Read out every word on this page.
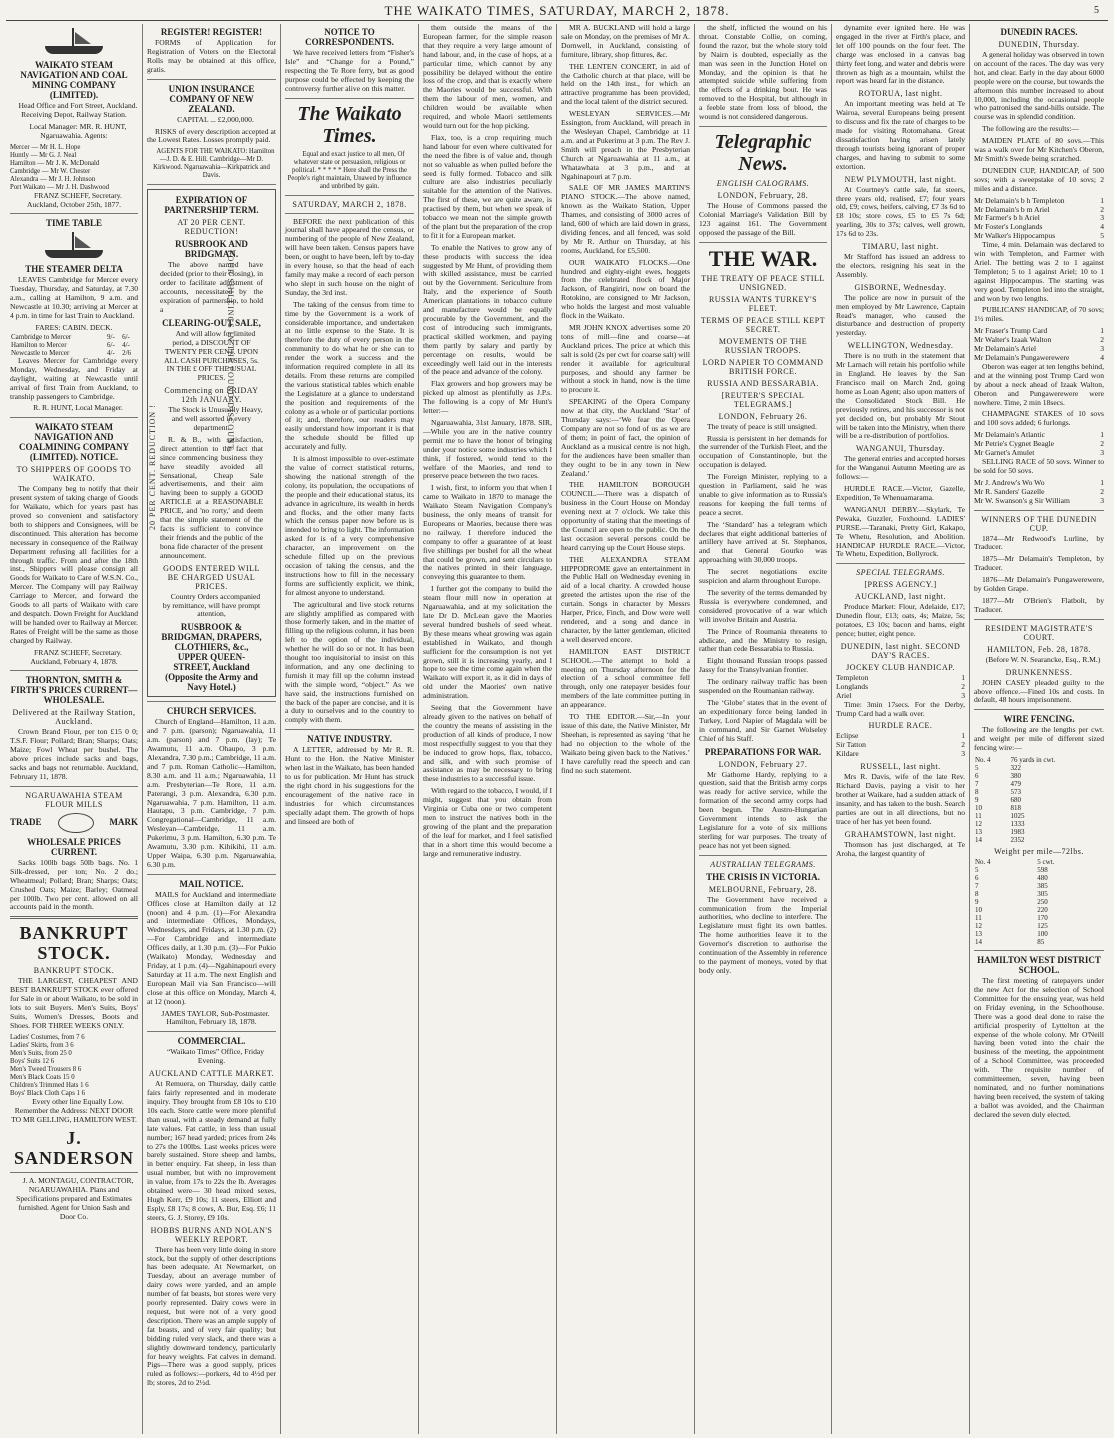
THE WAIKATO TIMES, SATURDAY, MARCH 2, 1878.	5
WAIKATO STEAM NAVIGATION AND COAL MINING COMPANY (LIMITED).

Head Office and Fort Street, Auckland. Receiving Depot, Railway Station.

Local Manager: MR. R. HUNT, Ngaruawahia. Agents:

Mercer — Mr H. L. Hope
Huntly — Mr G. J. Neal
Hamilton — Mr J. K. McDonald
Cambridge — Mr W. Chester
Alexandra — Mr J. H. Johnson
Port Waikato — Mr J. H. Dashwood

FRANZ SCHEFF, Secretary. Auckland, October 25th, 1877.

TIME TABLE
THE STEAMER DELTA

LEAVES Cambridge for Mercer every Tuesday, Thursday, and Saturday, at 7.30 a.m., calling at Hamilton, 9 a.m. and Newcastle at 10.30; arriving at Mercer at 4 p.m. in time for last Train to Auckland.

FARES: CABIN. DECK.
Cambridge to Mercer	9/-	6/-
Hamilton to Mercer	6/-	4/-
Newcastle to Mercer	4/-	2/6

Leaves Mercer for Cambridge every Monday, Wednesday, and Friday at daylight, waiting at Newcastle until arrival of first Train from Auckland, to tranship passengers to Cambridge.

R. R. HUNT, Local Manager.

WAIKATO STEAM NAVIGATION AND COALMINING COMPANY (LIMITED). NOTICE.
TO SHIPPERS OF GOODS TO WAIKATO.

The Company beg to notify that their present system of taking charge of Goods for Waikato, which for years past has proved so convenient and satisfactory both to shippers and Consignees, will be discontinued. This alteration has become necessary in consequence of the Railway Department refusing all facilities for a through traffic. From and after the 18th inst., Shippers will please consign all Goods for Waikato to Care of W.S.N. Co., Mercer. The Company will pay Railway Carriage to Mercer, and forward the Goods to all parts of Waikato with care and despatch. Down Freight for Auckland will be handed over to Railway at Mercer. Rates of Freight will be the same as those charged by Railway.

FRANZ SCHEFF, Secretary. Auckland, February 4, 1878.

THORNTON, SMITH & FIRTH'S PRICES CURRENT—WHOLESALE.
Delivered at the Railway Station, Auckland.

Crown Brand Flour, per ton £15 0 0; T.S.F. Flour; Pollard; Bran; Sharps; Oats; Maize; Fowl Wheat per bushel. The above prices include sacks and bags, sacks and bags not returnable. Auckland, February 11, 1878.

NGARUAWAHIA STEAM FLOUR MILLS
TRADE	MARK
WHOLESALE PRICES CURRENT.

Sacks 100lb bags 50lb bags. No. 1 Silk-dressed, per ton; No. 2 do.; Wheatmeal; Pollard; Bran; Sharps; Oats; Crushed Oats; Maize; Barley; Oatmeal per 100lb. Two per cent. allowed on all accounts paid in the month.

BANKRUPT STOCK.
BANKRUPT STOCK.

THE LARGEST, CHEAPEST AND BEST BANKRUPT STOCK ever offered for Sale in or about Waikato, to be sold in lots to suit Buyers. Men's Suits, Boys' Suits, Women's Dresses, Boots and Shoes. FOR THREE WEEKS ONLY.

Ladies' Costumes, from 7 6
Ladies' Skirts, from 3 6
Men's Suits, from 25 0
Boys' Suits 12 6
Men's Tweed Trousers 8 6
Men's Black Coats 15 0
Children's Trimmed Hats 1 6
Boys' Black Cloth Caps 1 6

Every other line Equally Low. Remember the Address: NEXT DOOR TO MR GELLING, HAMILTON WEST.

J. SANDERSON

J. A. MONTAGU, CONTRACTOR, NGARUAWAHIA. Plans and Specifications prepared and Estimates furnished. Agent for Union Sash and Door Co.

REGISTER! REGISTER!

FORMS of Application for Registration of Voters on the Electoral Rolls may be obtained at this office, gratis.

UNION INSURANCE COMPANY OF NEW ZEALAND.

CAPITAL ... £2,000,000.

RISKS of every description accepted at the Lowest Rates. Losses promptly paid.

AGENTS FOR THE WAIKATO: Hamilton—J. D. & E. Hill. Cambridge—Mr D. Kirkwood. Ngaruawahia—Kirkpatrick and Davis.

EXPIRATION OF PARTNERSHIP TERM.
AT 20 PER CENT. REDUCTION!
RUSBROOK AND BRIDGMAN.

The above named have decided (prior to their closing), in order to facilitate adjustment of accounts, necessitated by the expiration of partnership, to hold a

CLEARING-OUT SALE,

And will allow for limited period, a DISCOUNT OF TWENTY PER CENT. UPON ALL CASH PURCHASES, 5s. IN THE £ OFF THE USUAL PRICES.

Commencing on FRIDAY 12th JANUARY.

The Stock is Unusually Heavy, and well assorted in every department.

R. & B., with satisfaction, direct attention to the fact that since commencing business they have steadily avoided all Sensational, Cheap Sale advertisements, and their aim having been to supply a GOOD ARTICLE at a REASONABLE PRICE, and 'no rorty,' and deem that the simple statement of the facts is sufficient to convince their friends and the public of the bona fide character of the present announcement.

GOODS ENTERED WILL BE CHARGED USUAL PRICES.

Country Orders accompanied by remittance, will have prompt attention,

RUSBROOK & BRIDGMAN, DRAPERS, CLOTHIERS, &c., UPPER QUEEN-STREET, Auckland (Opposite the Army and Navy Hotel.)
20 PER CENT. REDUCTION !
FOUR SHILLINGS IN THE POUND DISCOUNT.
CHURCH SERVICES.

Church of England—Hamilton, 11 a.m. and 7 p.m. (parson); Ngaruawahia, 11 a.m. (parson) and 7 p.m. (lay); Te Awamutu, 11 a.m. Ohaupo, 3 p.m. Alexandra, 7.30 p.m.; Cambridge, 11 a.m. and 7 p.m. Roman Catholic—Hamilton, 8.30 a.m. and 11 a.m.; Ngaruawahia, 11 a.m. Presbyterian—Te Rore, 11 a.m. Paterangi, 3 p.m. Alexandra, 6.30 p.m. Ngaruawahia, 7 p.m. Hamilton, 11 a.m. Hautapu, 3 p.m. Cambridge, 7 p.m. Congregational—Cambridge, 11 a.m. Wesleyan—Cambridge, 11 a.m. Pukerimu, 3 p.m. Hamilton, 6.30 p.m. Te Awamutu, 3.30 p.m. Kihikihi, 11 a.m. Upper Waipa, 6.30 p.m. Ngaruawahia, 6.30 p.m.

MAIL NOTICE.

MAILS for Auckland and intermediate Offices close at Hamilton daily at 12 (noon) and 4 p.m. (1)—For Alexandra and intermediate Offices, Mondays, Wednesdays, and Fridays, at 1.30 p.m. (2)—For Cambridge and intermediate Offices daily, at 1.30 p.m. (3)—For Pukio (Waikato) Monday, Wednesday and Friday, at 1 p.m. (4)—Ngahinapouri every Saturday at 11 a.m. The next English and European Mail via San Francisco—will close at this office on Monday, March 4, at 12 (noon).

JAMES TAYLOR, Sub-Postmaster. Hamilton, February 18, 1878.

COMMERCIAL.

“Waikato Times” Office, Friday Evening.

AUCKLAND CATTLE MARKET.

At Remuera, on Thursday, daily cattle fairs fairly represented and in moderate inquiry. They brought from £8 10s to £10 10s each. Store cattle were more plentiful than usual, with a steady demand at fully late values. Fat cattle, in less than usual number; 167 head yarded; prices from 24s to 27s the 100lbs. Last weeks prices were barely sustained. Store sheep and lambs, in better enquiry. Fat sheep, in less than usual number, but with no improvement in value, from 17s to 22s the lb. Averages obtained were— 30 head mixed sexes, Hugh Kerr, £9 10s; 11 steers, Elliott and Esply, £8 17s; 8 cows, A. Bur, Esq. £6; 11 steers, G. J. Storey, £9 10s.

HOBBS BURNS AND NOLAN'S WEEKLY REPORT.

There has been very little doing in store stock, but the supply of other descriptions has been adequate. At Newmarket, on Tuesday, about an average number of dairy cows were yarded, and an ample number of fat beasts, but stores were very poorly represented. Dairy cows were in request, but were not of a very good description. There was an ample supply of fat beasts, and of very fair quality; but bidding ruled very slack, and there was a slightly downward tendency, particularly for heavy weights. Fat calves in demand. Pigs—There was a good supply, prices ruled as follows:—porkers, 4d to 4½d per lb; stores, 2d to 2½d.

NOTICE TO CORRESPONDENTS.

We have received letters from “Fisher's Isle” and “Change for a Pound,” respecting the Te Rore ferry, but as good purpose could be effected by keeping the controversy further alive on this matter.

The Waikato Times.

Equal and exact justice to all men, Of whatever state or persuasion, religious or political. * * * * * Here shall the Press the People's right maintain, Unawed by influence and unbribed by gain.

SATURDAY, MARCH 2, 1878.

BEFORE the next publication of this journal shall have appeared the census, or numbering of the people of New Zealand, will have been taken. Census papers have been, or ought to have been, left by to-day in every house, so that the head of each family may make a record of each person who slept in such house on the night of Sunday, the 3rd inst.

The taking of the census from time to time by the Government is a work of considerable importance, and undertaken at no little expense to the State. It is therefore the duty of every person in the community to do what he or she can to render the work a success and the information required complete in all its details. From these returns are compiled the various statistical tables which enable the Legislature at a glance to understand the position and requirements of the colony as a whole or of particular portions of it; and, therefore, our readers may easily understand how important it is that the schedule should be filled up accurately and fully.

It is almost impossible to over-estimate the value of correct statistical returns, showing the national strength of the colony, its population, the occupations of the people and their educational status, its advance in agriculture, its wealth in herds and flocks, and the other many facts which the census paper now before us is intended to bring to light. The information asked for is of a very comprehensive character, an improvement on the schedule filled up on the previous occasion of taking the census, and the instructions how to fill in the necessary forms are sufficiently explicit, we think, for almost anyone to understand.

The agricultural and live stock returns are slightly amplified as compared with those formerly taken, and in the matter of filling up the religious column, it has been left to the option of the individual, whether he will do so or not. It has been thought too inquisitorial to insist on this information, and any one declining to furnish it may fill up the column instead with the simple word, “object.” As we have said, the instructions furnished on the back of the paper are concise, and it is a duty to ourselves and to the country to comply with them.

NATIVE INDUSTRY.

A LETTER, addressed by Mr R. R. Hunt to the Hon. the Native Minister when last in the Waikato, has been handed to us for publication. Mr Hunt has struck the right chord in his suggestions for the encouragement of the native race in industries for which circumstances specially adapt them. The growth of hops and linseed are both of

them outside the means of the European farmer, for the simple reason that they require a very large amount of hand labour, and, in the case of hops, at a particular time, which cannot by any possibility be delayed without the entire loss of the crop, and that is exactly where the Maories would be successful. With them the labour of men, women, and children would be available when required, and whole Maori settlements would turn out for the hop picking.

Flax, too, is a crop requiring much hand labour for even where cultivated for the need the fibre is of value and, though not so valuable as when pulled before the seed is fully formed. Tobacco and silk culture are also industries peculiarly suitable for the attention of the Natives. The first of these, we are quite aware, is practised by them, but when we speak of tobacco we mean not the simple growth of the plant but the preparation of the crop to fit it for a European market.

To enable the Natives to grow any of these products with success the idea suggested by Mr Hunt, of providing them with skilled assistance, must be carried out by the Government. Sericulture from Italy, and the experience of South American plantations in tobacco culture and manufacture would be equally procurable by the Government, and the cost of introducing such immigrants, practical skilled workmen, and paying them partly by salary and partly by percentage on results, would be exceedingly well laid out in the interests of the peace and advance of the colony.

Flax growers and hop growers may be picked up almost as plentifully as J.P.s. The following is a copy of Mr Hunt's letter:—

Ngaruawahia, 31st January, 1878. SIR,—While you are in the native country permit me to have the honor of bringing under your notice some industries which I think, if fostered, would tend to the welfare of the Maories, and tend to preserve peace between the two races.

I wish, first, to inform you that when I came to Waikato in 1870 to manage the Waikato Steam Navigation Company's business, the only means of transit for Europeans or Maories, because there was no railway. I therefore induced the company to offer a guarantee of at least five shillings per bushel for all the wheat that could be grown, and sent circulars to the natives printed in their language, conveying this guarantee to them.

I further got the company to build the steam flour mill now in operation at Ngaruawahia, and at my solicitation the late Dr D. McLean gave the Maories several hundred bushels of seed wheat. By these means wheat growing was again established in Waikato, and though sufficient for the consumption is not yet grown, still it is increasing yearly, and I hope to see the time come again when the Waikato will export it, as it did in days of old under the Maories' own native administration.

Seeing that the Government have already given to the natives on behalf of the country the means of assisting in the production of all kinds of produce, I now most respectfully suggest to you that they be induced to grow hops, flax, tobacco, and silk, and with such promise of assistance as may be necessary to bring these industries to a successful issue.

With regard to the tobacco, I would, if I might, suggest that you obtain from Virginia or Cuba one or two competent men to instruct the natives both in the growing of the plant and the preparation of the leaf for market, and I feel satisfied that in a short time this would become a large and remunerative industry.

MR A. BUCKLAND will hold a large sale on Monday, on the premises of Mr A. Dornwell, in Auckland, consisting of furniture, library, shop fittures, &c.

THE LENTEN CONCERT, in aid of the Catholic church at that place, will be held on the 14th inst., for which an attractive programme has been provided, and the local talent of the district secured.

WESLEYAN SERVICES.—Mr Essington, from Auckland, will preach in the Wesleyan Chapel, Cambridge at 11 a.m. and at Pukerimu at 3 p.m. The Rev J. Smith will preach in the Presbyterian Church at Ngaruawahia at 11 a.m., at Whatawhata at 3 p.m., and at Ngahinapouri at 7 p.m.

SALE OF MR JAMES MARTIN'S PIANO STOCK.—The above named, known as the Waikato Station, Upper Thames, and consisting of 3000 acres of land, 600 of which are laid down in grass, dividing fences, and all fenced, was sold by Mr R. Arthur on Thursday, at his rooms, Auckland, for £5,500.

OUR WAIKATO FLOCKS.—One hundred and eighty-eight ewes, hoggets from the celebrated flock of Major Jackson, of Rangiriri, now on board the Rotokino, are consigned to Mr Jackson, who holds the largest and most valuable flock in the Waikato.

MR JOHN KNOX advertises some 20 tons of mill—fine and coarse—at Auckland prices. The price at which this salt is sold (2s per cwt for coarse salt) will render it available for agricultural purposes, and should any farmer be without a stock in hand, now is the time to procure it.

SPEAKING of the Opera Company now at that city, the Auckland ‘Star’ of Thursday says:—‘We fear the Opera Company are not so fond of us as we are of them; in point of fact, the opinion of Auckland as a musical centre is not high, for the audiences have been smaller than they ought to be in any town in New Zealand.’

THE HAMILTON BOROUGH COUNCIL.—There was a dispatch of business in the Court House on Monday evening next at 7 o'clock. We take this opportunity of stating that the meetings of the Council are open to the public. On the last occasion several persons could be heard carrying up the Court House steps.

THE ALEXANDRA STEAM HIPPODROME gave an entertainment in the Public Hall on Wednesday evening in aid of a local charity. A crowded house greeted the artistes upon the rise of the curtain. Songs in character by Messrs Harper, Price, Finch, and Dow were well rendered, and a song and dance in character, by the latter gentleman, elicited a well deserved encore.

HAMILTON EAST DISTRICT SCHOOL.—The attempt to hold a meeting on Thursday afternoon for the election of a school committee fell through, only one ratepayer besides four members of the late committee putting in an appearance.

TO THE EDITOR.—Sir,—In your issue of this date, the Native Minister, Mr Sheehan, is represented as saying ‘that he had no objection to the whole of the Waikato being given back to the Natives.’ I have carefully read the speech and can find no such statement.

the shelf, inflicted the wound on his throat. Constable Collie, on coming, found the razor, but the whole story told by Nairn is doubted, especially as the man was seen in the Junction Hotel on Monday, and the opinion is that he attempted suicide while suffering from the effects of a drinking bout. He was removed to the Hospital, but although in a feeble state from loss of blood, the wound is not considered dangerous.

Telegraphic News.
ENGLISH CALOGRAMS.
LONDON, February, 28.

The House of Commons passed the Colonial Marriage's Validation Bill by 123 against 161. The Government opposed the passage of the Bill.

THE WAR.
THE TREATY OF PEACE STILL UNSIGNED.
RUSSIA WANTS TURKEY'S FLEET.
TERMS OF PEACE STILL KEPT SECRET.
MOVEMENTS OF THE RUSSIAN TROOPS.
LORD NAPIER TO COMMAND BRITISH FORCE.
RUSSIA AND BESSARABIA.
[REUTER'S SPECIAL TELEGRAMS.]
LONDON, February 26.

The treaty of peace is still unsigned.

Russia is persistent in her demands for the surrender of the Turkish Fleet, and the occupation of Constantinople, but the occupation is delayed.

The Foreign Minister, replying to a question in Parliament, said he was unable to give information as to Russia's reasons for keeping the full terms of peace a secret.

The ‘Standard’ has a telegram which declares that eight additional batteries of artillery have arrived at St. Stephanos, and that General Gourko was approaching with 30,000 troops.

The secret negotiations excite suspicion and alarm throughout Europe.

The severity of the terms demanded by Russia is everywhere condemned, and considered provocative of a war which will involve Britain and Austria.

The Prince of Roumania threatens to abdicate, and the Ministry to resign, rather than cede Bessarabia to Russia.

Eight thousand Russian troops passed Jassy for the Transylvanian frontier.

The ordinary railway traffic has been suspended on the Roumanian railway.

The ‘Globe’ states that in the event of an expeditionary force being landed in Turkey, Lord Napier of Magdala will be in command, and Sir Garnet Wolseley Chief of his Staff.

PREPARATIONS FOR WAR.
LONDON, February 27.

Mr Gathorne Hardy, replying to a question, said that the British army corps was ready for active service, while the formation of the second army corps had been begun. The Austro-Hungarian Government intends to ask the Legislature for a vote of six millions sterling for war purposes. The treaty of peace has not yet been signed.

AUSTRALIAN TELEGRAMS.
THE CRISIS IN VICTORIA.
MELBOURNE, February, 28.

The Government have received a communication from the Imperial authorities, who decline to interfere. The Legislature must fight its own battles. The home authorities leave it to the Governor's discretion to authorise the continuation of the Assembly in reference to the payment of moneys, voted by that body only.

dynamite ever ignited here. He was engaged in the river at Firth's place, and let off 100 pounds on the four feet. The charge was enclosed in a canvas bag thirty feet long, and water and debris were thrown as high as a mountain, whilst the report was heard far in the distance.

ROTORUA, last night.

An important meeting was held at Te Wairoa, several Europeans being present to discuss and fix the rate of charges to be made for visiting Rotomahana. Great dissatisfaction having arisen lately through tourists being ignorant of proper charges, and having to submit to some extortion.

NEW PLYMOUTH, last night.

At Courtney's cattle sale, fat steers, three years old, realised, £7; four years old, £9; cows, heifers, calving, £7 3s 6d to £8 10s; store cows, £5 to £5 7s 6d; yearling, 30s to 37s; calves, well grown, 17s 6d to 23s.

TIMARU, last night.

Mr Stafford has issued an address to the electors, resigning his seat in the Assembly.

GISBORNE, Wednesday.

The police are now in pursuit of the men employed by Mr Lawrence, Captain Read's manager, who caused the disturbance and destruction of property yesterday.

WELLINGTON, Wednesday.

There is no truth in the statement that Mr Larnach will retain his portfolio while in England. He leaves by the San Francisco mail on March 2nd, going home as Loan Agent; also upon matters of the Consolidated Stock Bill. He previously retires, and his successor is not yet decided on, but probably Mr Stout will be taken into the Ministry, when there will be a re-distribution of portfolios.

WANGANUI, Thursday.

The general entries and accepted horses for the Wanganui Autumn Meeting are as follows:—

HURDLE RACE.—Victor, Gazelle, Expedition, Te Whenuamarama.

WANGANUI DERBY.—Skylark, Te Pewaka, Guzzler, Foxhound. LADIES' PURSE.—Taranaki, Pretty Girl, Kakapo, Te Whetu, Resolution, and Abolition. HANDICAP HURDLE RACE.—Victor, Te Whetu, Expedition, Bollyrock.

SPECIAL TELEGRAMS.
[PRESS AGENCY.]
AUCKLAND, last night.

Produce Market: Flour, Adelaide, £17; Dunedin flour, £13; oats, 4s; Maize, 5s; potatoes, £3 10s; bacon and hams, eight pence; butter, eight pence.

DUNEDIN, last night. SECOND DAY'S RACES.
JOCKEY CLUB HANDICAP.
Templeton	1
Longlands	2
Ariel	3

Time: 3min 17secs. For the Derby, Trump Card had a walk over.

HURDLE RACE.
Eclipse	1
Sir Tatton	2
Kildare	3
RUSSELL, last night.

Mrs R. Davis, wife of the late Rev. Richard Davis, paying a visit to her brother at Waikare, had a sudden attack of insanity, and has taken to the bush. Search parties are out in all directions, but no trace of her has yet been found.

GRAHAMSTOWN, last night.

Thomson has just discharged, at Te Aroha, the largest quantity of

DUNEDIN RACES.
DUNEDIN, Thursday.

A general holiday was observed in town on account of the races. The day was very hot, and clear. Early in the day about 6000 people were on the course, but towards the afternoon this number increased to about 10,000, including the occasional people who patronised the sand-hills outside. The course was in splendid condition.

The following are the results:—

MAIDEN PLATE of 80 sovs.—This was a walk over for Mr Kitchen's Oberon, Mr Smith's Swede being scratched.

DUNEDIN CUP, HANDICAP, of 500 sovs; with a sweepstake of 10 sovs; 2 miles and a distance.

Mr Delamain's b h Templeton	1
Mr Delamain's b m Ariel	2
Mr Farmer's b h Ariel	3
Mr Foster's Longlands	4
Mr Walker's Hippocampus	5

Time, 4 min. Delamain was declared to win with Templeton, and Farmer with Ariel. The betting was 2 to 1 against Templeton; 5 to 1 against Ariel; 10 to 1 against Hippocampus. The starting was very good. Templeton led into the straight, and won by two lengths.

PUBLICANS' HANDICAP, of 70 sovs; 1½ miles.

Mr Fraser's Trump Card	1
Mr Walter's Izaak Walton	2
Mr Delamain's Ariel	3
Mr Delamain's Pungawerewere	4

Oberon was eager at ten lengths behind, and at the winning post Trump Card won by about a neck ahead of Izaak Walton, Oberon and Pungawerewere were nowhere. Time, 2 min 18secs.

CHAMPAGNE STAKES of 10 sovs and 100 sovs added; 6 furlongs.

Mr Delamain's Atlantic	1
Mr Petrie's Cygnet Beagle	2
Mr Garnet's Amulet	3

SELLING RACE of 50 sovs. Winner to be sold for 50 sovs.

Mr J. Andrew's Wo Wo	1
Mr R. Sanders' Gazelle	2
Mr W. Swanson's g Sir William	3
WINNERS OF THE DUNEDIN CUP.

1874—Mr Redwood's Lurline, by Traducer.

1875—Mr Delamain's Templeton, by Traducer.

1876—Mr Delamain's Pungawerewere, by Golden Grape.

1877—Mr O'Brien's Flatbolt, by Traducer.

RESIDENT MAGISTRATE'S COURT.
HAMILTON, Feb. 28, 1878.

(Before W. N. Searancke, Esq., R.M.)

DRUNKENNESS.

JOHN CASEY pleaded guilty to the above offence.—Fined 10s and costs. In default, 48 hours imprisonment.

WIRE FENCING.

The following are the lengths per cwt. and weight per mile of different sized fencing wire:—

No. 4	76 yards in cwt.
5	322
6	380
7	479
8	573
9	680
10	818
11	1025
12	1333
13	1983
14	2352
Weight per mile—72lbs.
No. 4	5 cwt.
5	598
6	480
7	385
8	305
9	250
10	220
11	170
12	125
13	100
14	85
HAMILTON WEST DISTRICT SCHOOL.

The first meeting of ratepayers under the new Act for the selection of School Committee for the ensuing year, was held on Friday evening, in the Schoolhouse. There was a good deal done to raise the artificial prosperity of Lyttelton at the expense of the whole colony. Mr O'Neill having been voted into the chair the business of the meeting, the appointment of a School Committee, was proceeded with. The requisite number of committeemen, seven, having been nominated, and no further nominations having been received, the system of taking a ballot was avoided, and the Chairman declared the seven duly elected.
